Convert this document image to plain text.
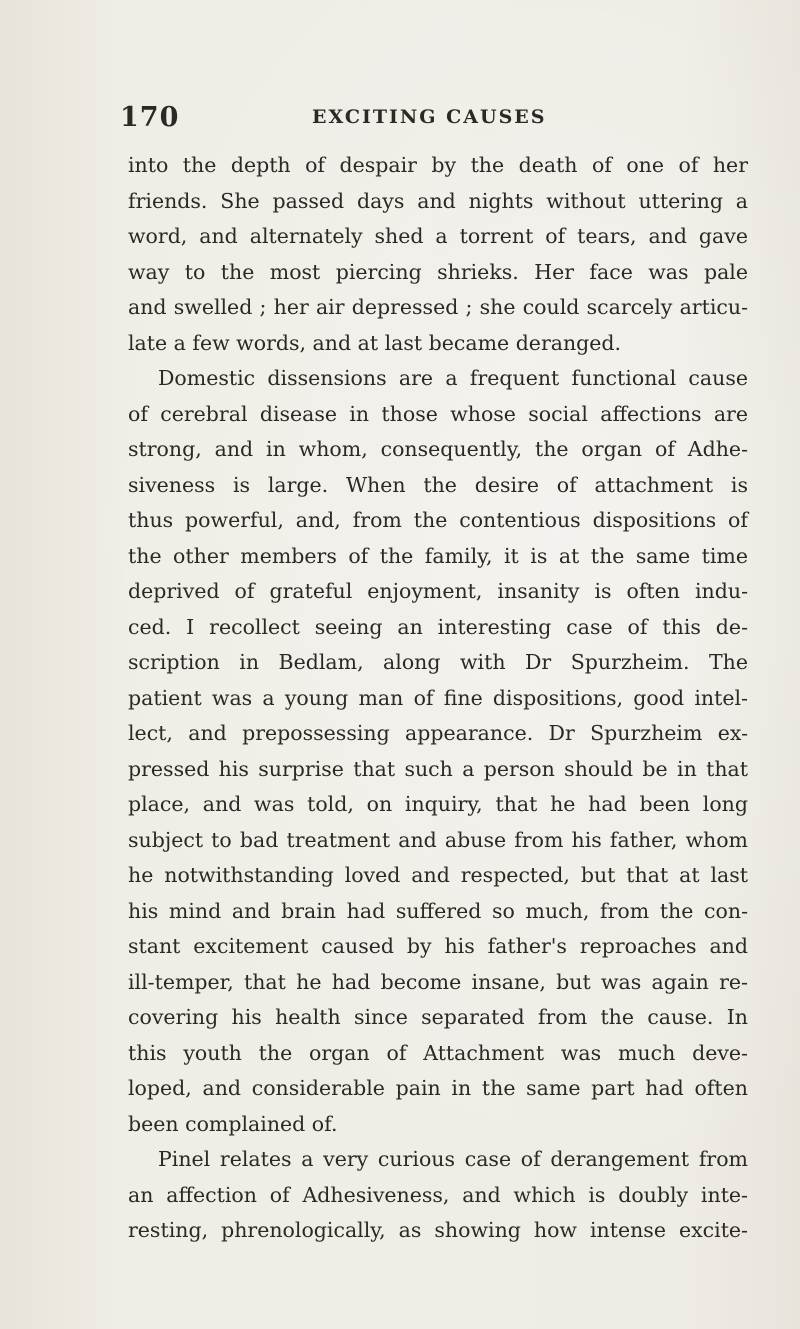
170	EXCITING CAUSES
into the depth of despair by the death of one of her
friends. She passed days and nights without uttering a
word, and alternately shed a torrent of tears, and gave
way to the most piercing shrieks. Her face was pale
and swelled ; her air depressed ; she could scarcely articu-
late a few words, and at last became deranged.
Domestic dissensions are a frequent functional cause
of cerebral disease in those whose social affections are
strong, and in whom, consequently, the organ of Adhe-
siveness is large. When the desire of attachment is
thus powerful, and, from the contentious dispositions of
the other members of the family, it is at the same time
deprived of grateful enjoyment, insanity is often indu-
ced. I recollect seeing an interesting case of this de-
scription in Bedlam, along with Dr Spurzheim. The
patient was a young man of fine dispositions, good intel-
lect, and prepossessing appearance. Dr Spurzheim ex-
pressed his surprise that such a person should be in that
place, and was told, on inquiry, that he had been long
subject to bad treatment and abuse from his father, whom
he notwithstanding loved and respected, but that at last
his mind and brain had suffered so much, from the con-
stant excitement caused by his father's reproaches and
ill-temper, that he had become insane, but was again re-
covering his health since separated from the cause. In
this youth the organ of Attachment was much deve-
loped, and considerable pain in the same part had often
been complained of.
Pinel relates a very curious case of derangement from
an affection of Adhesiveness, and which is doubly inte-
resting, phrenologically, as showing how intense excite-
